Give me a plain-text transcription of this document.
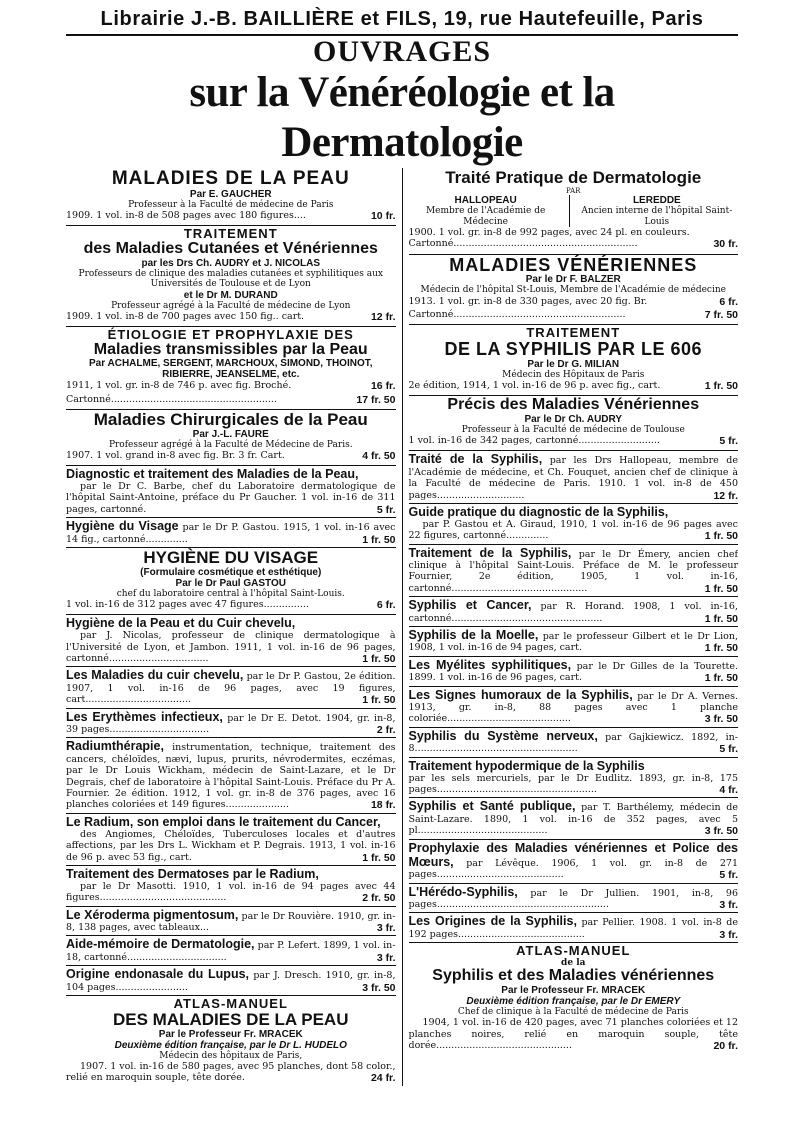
Librairie J.-B. BAILLIÈRE et FILS, 19, rue Hautefeuille, Paris
OUVRAGES
sur la Vénéréologie et la Dermatologie
MALADIES DE LA PEAU
Par E. GAUCHER
Professeur à la Faculté de médecine de Paris
1909. 1 vol. in-8 de 508 pages avec 180 figures....	10 fr.
TRAITEMENT
des Maladies Cutanées et Vénériennes
par les Drs Ch. AUDRY et J. NICOLAS
Professeurs de clinique des maladies cutanées et syphilitiques aux Universités de Toulouse et de Lyon
et le Dr M. DURAND
Professeur agrégé à la Faculté de médecine de Lyon
1909. 1 vol. in-8 de 700 pages avec 150 fig.. cart.	12 fr.
ÉTIOLOGIE ET PROPHYLAXIE DES
Maladies transmissibles par la Peau
Par ACHALME, SERGENT, MARCHOUX, SIMOND, THOINOT, RIBIERRE, JEANSELME, etc.
1911, 1 vol. gr. in-8 de 746 p. avec fig. Broché.	16 fr.
Cartonné.......................................................	17 fr. 50
Maladies Chirurgicales de la Peau
Par J.-L. FAURE
Professeur agrégé à la Faculté de Médecine de Paris.
1907. 1 vol. grand in-8 avec fig. Br. 3 fr. Cart.	4 fr. 50
Diagnostic et traitement des Maladies de la Peau,
par le Dr C. Barbe, chef du Laboratoire dermatologique de l'hôpital Saint-Antoine, préface du Pr Gaucher. 1 vol. in-16 de 311 pages, cartonné.	5 fr.
Hygiène du Visage par le Dr P. Gastou. 1915, 1 vol. in-16 avec 14 fig., cartonné..............	1 fr. 50
HYGIÈNE DU VISAGE
(Formulaire cosmétique et esthétique)
Par le Dr Paul GASTOU
chef du laboratoire central à l'hôpital Saint-Louis.
1 vol. in-16 de 312 pages avec 47 figures...............	6 fr.
Hygiène de la Peau et du Cuir chevelu,
par J. Nicolas, professeur de clinique dermatologique à l'Université de Lyon, et Jambon. 1911, 1 vol. in-16 de 96 pages, cartonné.................................	1 fr. 50
Les Maladies du cuir chevelu, par le Dr P. Gastou, 2e édition. 1907, 1 vol. in-16 de 96 pages, avec 19 figures, cart...................................	1 fr. 50
Les Erythèmes infectieux, par le Dr E. Detot. 1904, gr. in-8, 39 pages.................................	2 fr.
Radiumthérapie, instrumentation, technique, traitement des cancers, chéloïdes, nævi, lupus, prurits, névrodermites, eczémas, par le Dr Louis Wickham, médecin de Saint-Lazare, et le Dr Degrais, chef de laboratoire à l'hôpital Saint-Louis. Préface du Pr A. Fournier. 2e édition. 1912, 1 vol. gr. in-8 de 376 pages, avec 16 planches coloriées et 149 figures.....................	18 fr.
Le Radium, son emploi dans le traitement du Cancer,
des Angiomes, Chéloïdes, Tuberculoses locales et d'autres affections, par les Drs L. Wickham et P. Degrais. 1913, 1 vol. in-16 de 96 p. avec 53 fig., cart.	1 fr. 50
Traitement des Dermatoses par le Radium,
par le Dr Masotti. 1910, 1 vol. in-16 de 94 pages avec 44 figures..........................................	2 fr. 50
Le Xéroderma pigmentosum, par le Dr Rouvière. 1910, gr. in-8, 138 pages, avec tableaux...	3 fr.
Aide-mémoire de Dermatologie, par P. Lefert. 1899, 1 vol. in-18, cartonné.................................	3 fr.
Origine endonasale du Lupus, par J. Dresch. 1910, gr. in-8, 104 pages........................	3 fr. 50
ATLAS-MANUEL
DES MALADIES DE LA PEAU
Par le Professeur Fr. MRACEK
Deuxième édition française, par le Dr L. HUDELO
Médecin des hôpitaux de Paris,
1907. 1 vol. in-16 de 580 pages, avec 95 planches, dont 58 color., relié en maroquin souple, tête dorée.	24 fr.
Traité Pratique de Dermatologie
PAR
HALLOPEAU
Membre de l'Académie de Médecine
LEREDDE
Ancien interne de l'hôpital Saint-Louis
1900. 1 vol. gr. in-8 de 992 pages, avec 24 pl. en couleurs.
Cartonné.............................................................	30 fr.
MALADIES VÉNÉRIENNES
Par le Dr F. BALZER
Médecin de l'hôpital St-Louis, Membre de l'Académie de médecine
1913. 1 vol. gr. in-8 de 330 pages, avec 20 fig. Br.	6 fr.
Cartonné.........................................................	7 fr. 50
TRAITEMENT
DE LA SYPHILIS PAR LE 606
Par le Dr G. MILIAN
Médecin des Hôpitaux de Paris
2e édition, 1914, 1 vol. in-16 de 96 p. avec fig., cart.	1 fr. 50
Précis des Maladies Vénériennes
Par le Dr Ch. AUDRY
Professeur à la Faculté de médecine de Toulouse
1 vol. in-16 de 342 pages, cartonné...........................	5 fr.
Traité de la Syphilis, par les Drs Hallopeau, membre de l'Académie de médecine, et Ch. Fouquet, ancien chef de clinique à la Faculté de médecine de Paris. 1910. 1 vol. in-8 de 450 pages.............................	12 fr.
Guide pratique du diagnostic de la Syphilis,
par P. Gastou et A. Giraud, 1910, 1 vol. in-16 de 96 pages avec 22 figures, cartonné..............	1 fr. 50
Traitement de la Syphilis, par le Dr Émery, ancien chef clinique à l'hôpital Saint-Louis. Préface de M. le professeur Fournier, 2e édition, 1905, 1 vol. in-16, cartonné.............................................	1 fr. 50
Syphilis et Cancer, par R. Horand. 1908, 1 vol. in-16, cartonné..................................................	1 fr. 50
Syphilis de la Moelle, par le professeur Gilbert et le Dr Lion, 1908, 1 vol. in-16 de 94 pages, cart.	1 fr. 50
Les Myélites syphilitiques, par le Dr Gilles de la Tourette. 1899. 1 vol. in-16 de 96 pages, cart.	1 fr. 50
Les Signes humoraux de la Syphilis, par le Dr A. Vernes. 1913, gr. in-8, 88 pages avec 1 planche coloriée.........................................	3 fr. 50
Syphilis du Système nerveux, par Gajkiewicz. 1892, in-8......................................................	5 fr.
Traitement hypodermique de la Syphilis
par les sels mercuriels, par le Dr Eudlitz. 1893, gr. in-8, 175 pages.....................................................	4 fr.
Syphilis et Santé publique, par T. Barthélemy, médecin de Saint-Lazare. 1890, 1 vol. in-16 de 352 pages, avec 5 pl...........................................	3 fr. 50
Prophylaxie des Maladies vénériennes et Police des Mœurs, par Lévêque. 1906, 1 vol. gr. in-8 de 271 pages..........................................	5 fr.
L'Hérédo-Syphilis, par le Dr Jullien. 1901, in-8, 96 pages.........................................................	3 fr.
Les Origines de la Syphilis, par Pellier. 1908. 1 vol. in-8 de 192 pages..........................................	3 fr.
ATLAS-MANUEL
de la
Syphilis et des Maladies vénériennes
Par le Professeur Fr. MRACEK
Deuxième édition française, par le Dr EMERY
Chef de clinique à la Faculté de médecine de Paris
1904, 1 vol. in-16 de 420 pages, avec 71 planches coloriées et 12 planches noires, relié en maroquin souple, tête dorée.............................................	20 fr.
